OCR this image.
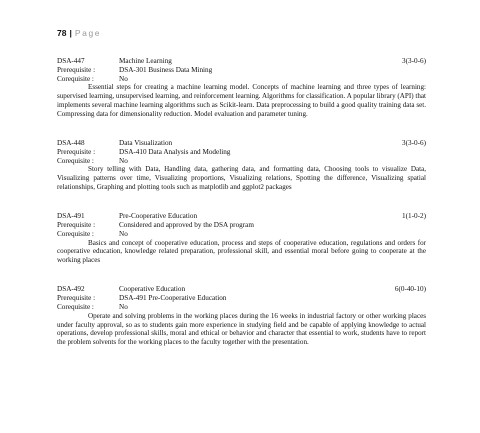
78 | Page
DSA-447	Machine Learning	3(3-0-6)
Prerequisite :	DSA-301 Business Data Mining
Corequisite :	No

Essential steps for creating a machine learning model. Concepts of machine learning and three types of learning: supervised learning, unsupervised learning, and reinforcement learning. Algorithms for classification. A popular library (API) that implements several machine learning algorithms such as Scikit-learn. Data preprocessing to build a good quality training data set. Compressing data for dimensionality reduction. Model evaluation and parameter tuning.

DSA-448	Data Visualization	3(3-0-6)
Prerequisite :	DSA-410 Data Analysis and Modeling
Corequisite :	No

Story telling with Data, Handling data, gathering data, and formatting data, Choosing tools to visualize Data, Visualizing patterns over time, Visualizing proportions, Visualizing relations, Spotting the difference, Visualizing spatial relationships, Graphing and plotting tools such as matplotlib and ggplot2 packages

DSA-491	Pre-Cooperative Education	1(1-0-2)
Prerequisite :	Considered and approved by the DSA program
Corequisite :	No

Basics and concept of cooperative education, process and steps of cooperative education, regulations and orders for cooperative education, knowledge related preparation, professional skill, and essential moral before going to cooperate at the working places

DSA-492	Cooperative Education	6(0-40-10)
Prerequisite :	DSA-491 Pre-Cooperative Education
Corequisite :	No

Operate and solving problems in the working places during the 16 weeks in industrial factory or other working places under faculty approval, so as to students gain more experience in studying field and be capable of applying knowledge to actual operations, develop professional skills, moral and ethical or behavior and character that essential to work, students have to report the problem solvents for the working places to the faculty together with the presentation.
